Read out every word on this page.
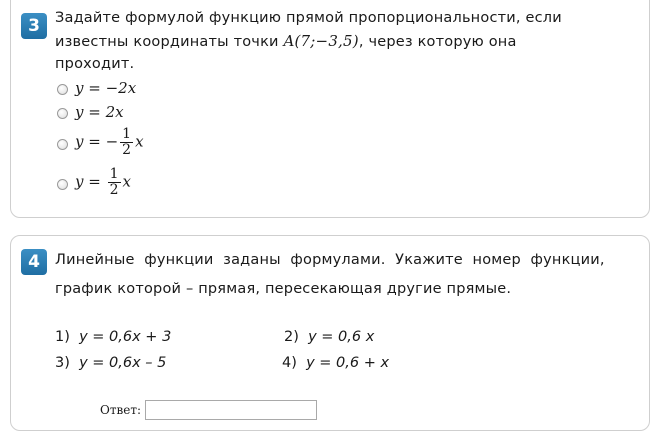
3	Задайте формулой функцию прямой пропорциональности, если
известны координаты точки A(7;−3,5), через которую она
проходит.
y = −2x
y = 2x
y = − $\frac{1}{2}$ x
$y = \frac{1}{2}$ x
4	Линейные  функции  заданы  формулами.  Укажите  номер  функции,
график которой – прямая, пересекающая другие прямые.
1) y = 0,6x + 3	2) y = 0,6 x
3) y = 0,6x – 5	4) y = 0,6 + x
Ответ:
